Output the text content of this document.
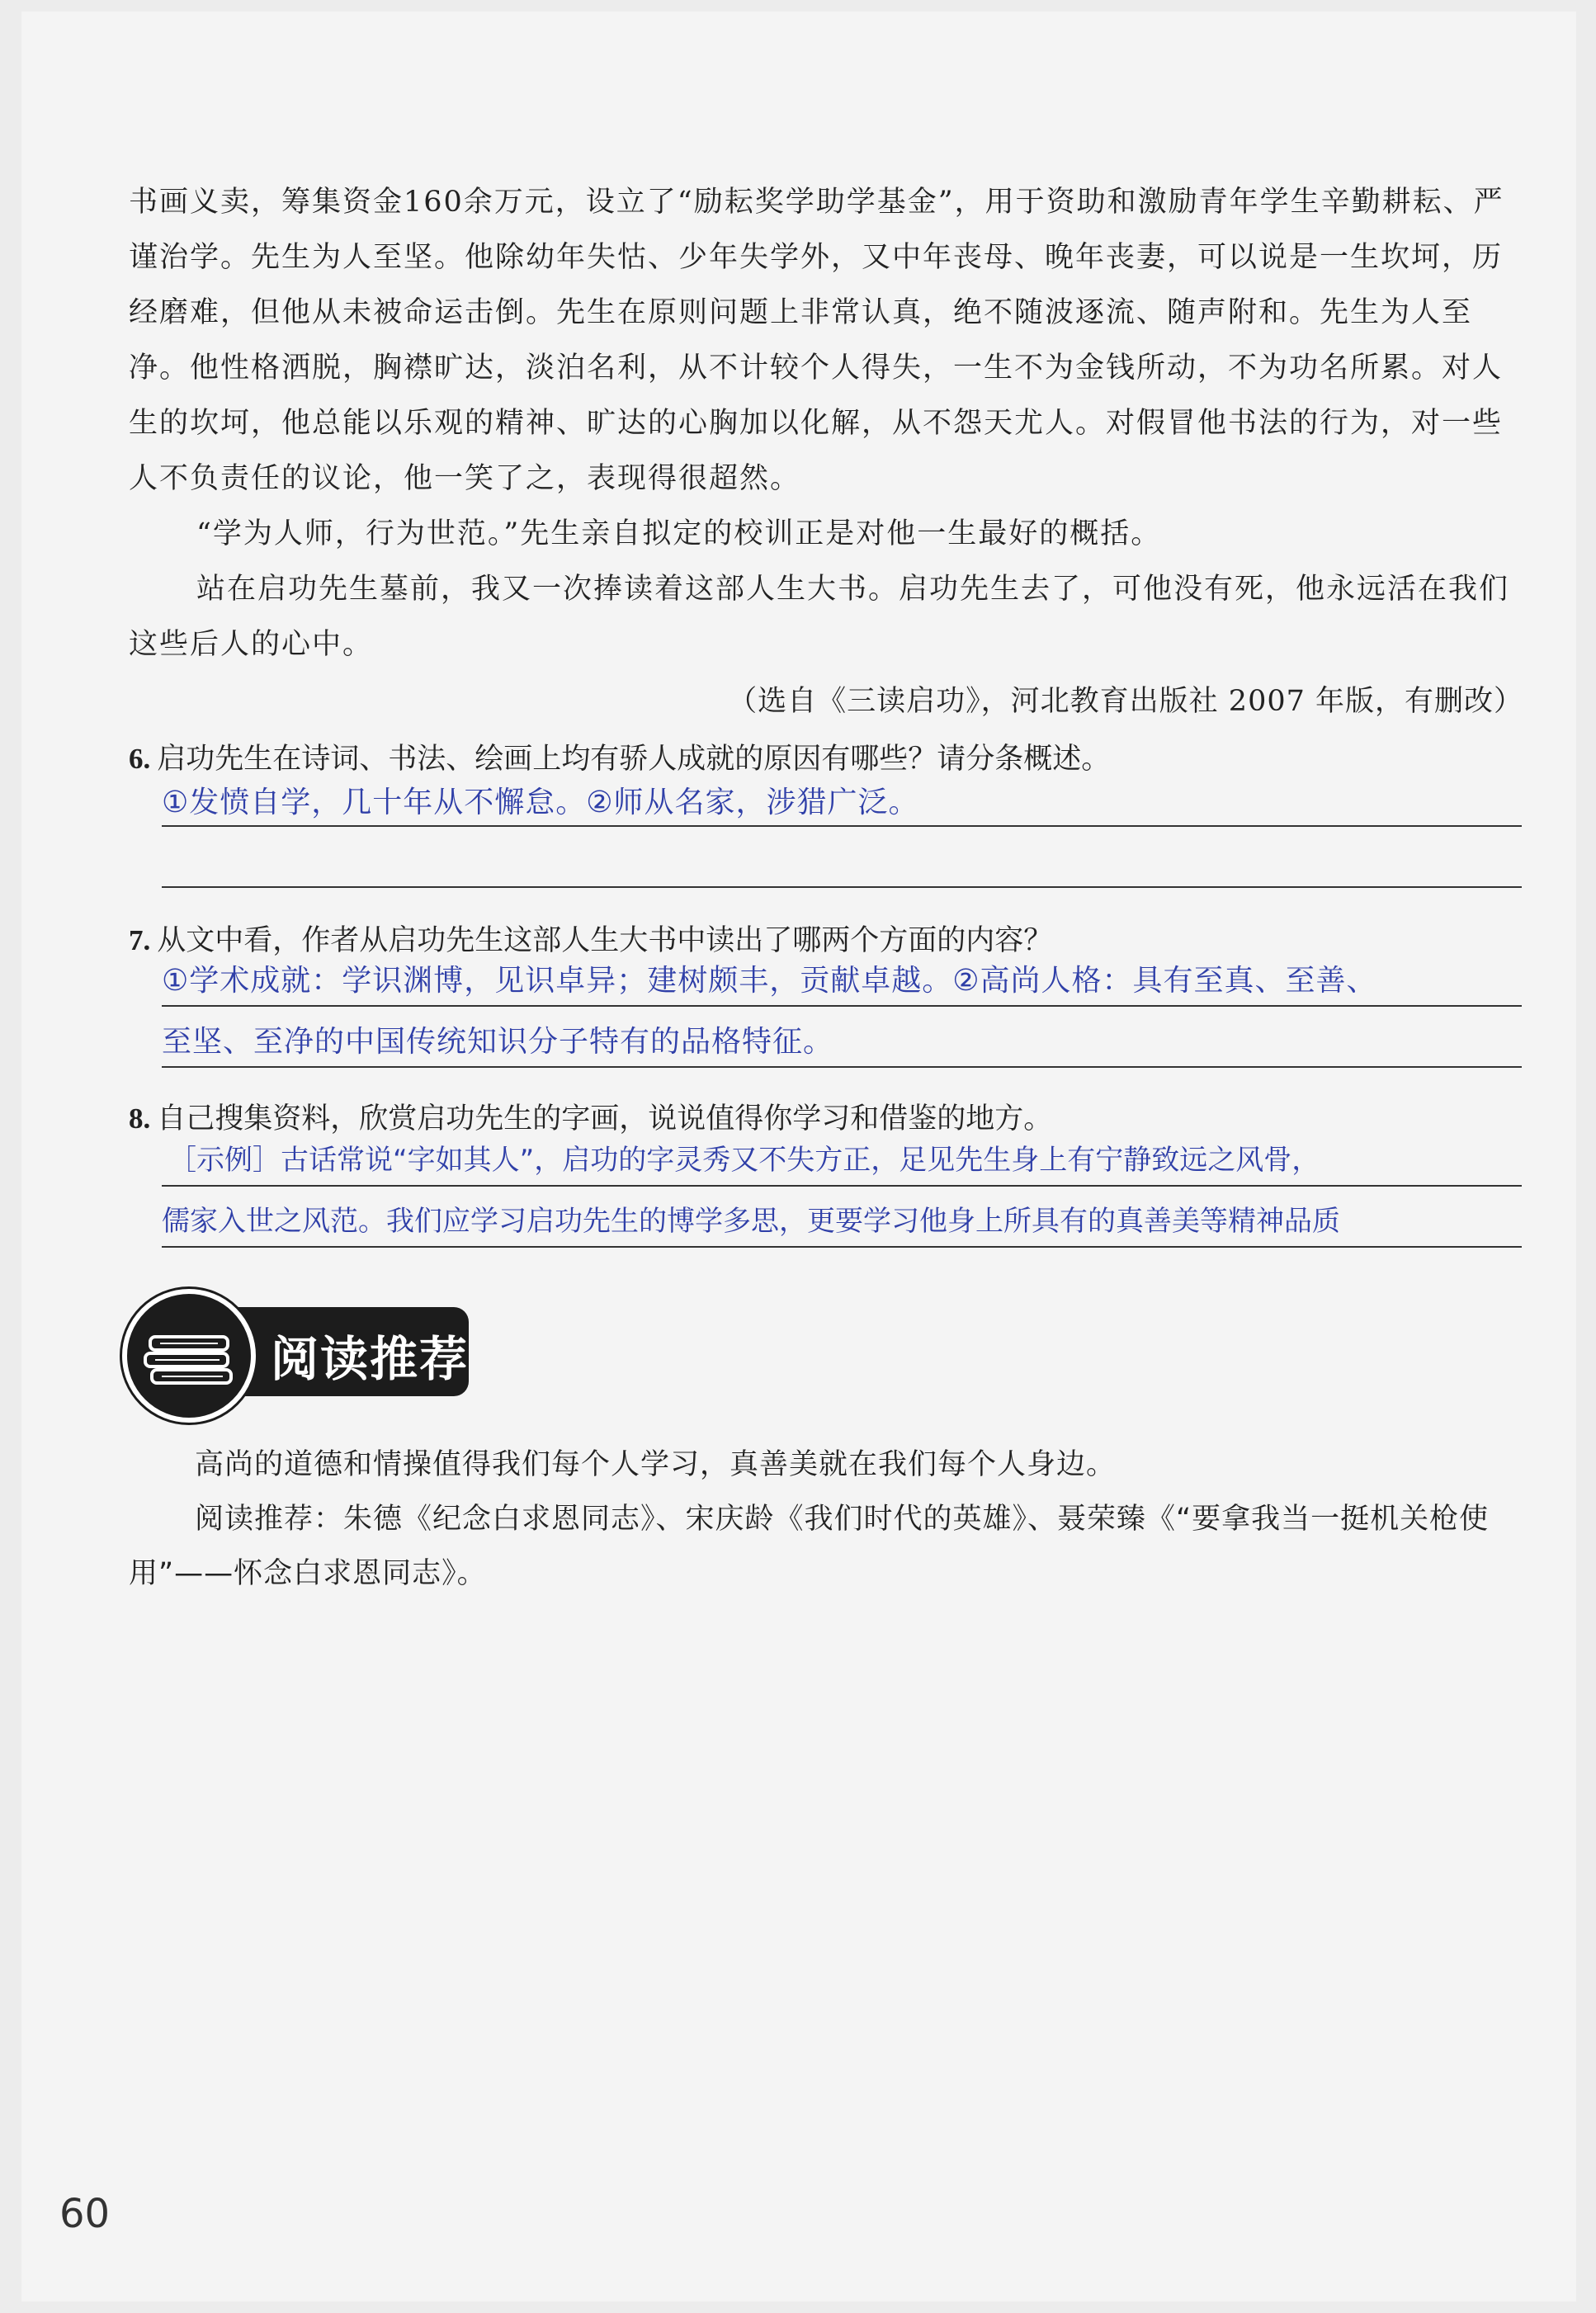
书画义卖，筹集资金160余万元，设立了“励耘奖学助学基金”，用于资助和激励青年学生辛勤耕耘、严谨治学。先生为人至坚。他除幼年失怙、少年失学外，又中年丧母、晚年丧妻，可以说是一生坎坷，历经磨难，但他从未被命运击倒。先生在原则问题上非常认真，绝不随波逐流、随声附和。先生为人至净。他性格洒脱，胸襟旷达，淡泊名利，从不计较个人得失，一生不为金钱所动，不为功名所累。对人生的坎坷，他总能以乐观的精神、旷达的心胸加以化解，从不怨天尤人。对假冒他书法的行为，对一些人不负责任的议论，他一笑了之，表现得很超然。

“学为人师，行为世范。”先生亲自拟定的校训正是对他一生最好的概括。

站在启功先生墓前，我又一次捧读着这部人生大书。启功先生去了，可他没有死，他永远活在我们这些后人的心中。

（选自《三读启功》，河北教育出版社 2007 年版，有删改）
6. 启功先生在诗词、书法、绘画上均有骄人成就的原因有哪些？请分条概述。
①发愤自学，几十年从不懈怠。②师从名家，涉猎广泛。
7. 从文中看，作者从启功先生这部人生大书中读出了哪两个方面的内容？
①学术成就：学识渊博，见识卓异；建树颇丰，贡献卓越。②高尚人格：具有至真、至善、
至坚、至净的中国传统知识分子特有的品格特征。
8. 自己搜集资料，欣赏启功先生的字画，说说值得你学习和借鉴的地方。
［示例］古话常说“字如其人”，启功的字灵秀又不失方正，足见先生身上有宁静致远之风骨，
儒家入世之风范。我们应学习启功先生的博学多思，更要学习他身上所具有的真善美等精神品质
阅读推荐

高尚的道德和情操值得我们每个人学习，真善美就在我们每个人身边。

阅读推荐：朱德《纪念白求恩同志》、宋庆龄《我们时代的英雄》、聂荣臻《“要拿我当一挺机关枪使用”——怀念白求恩同志》。

60
